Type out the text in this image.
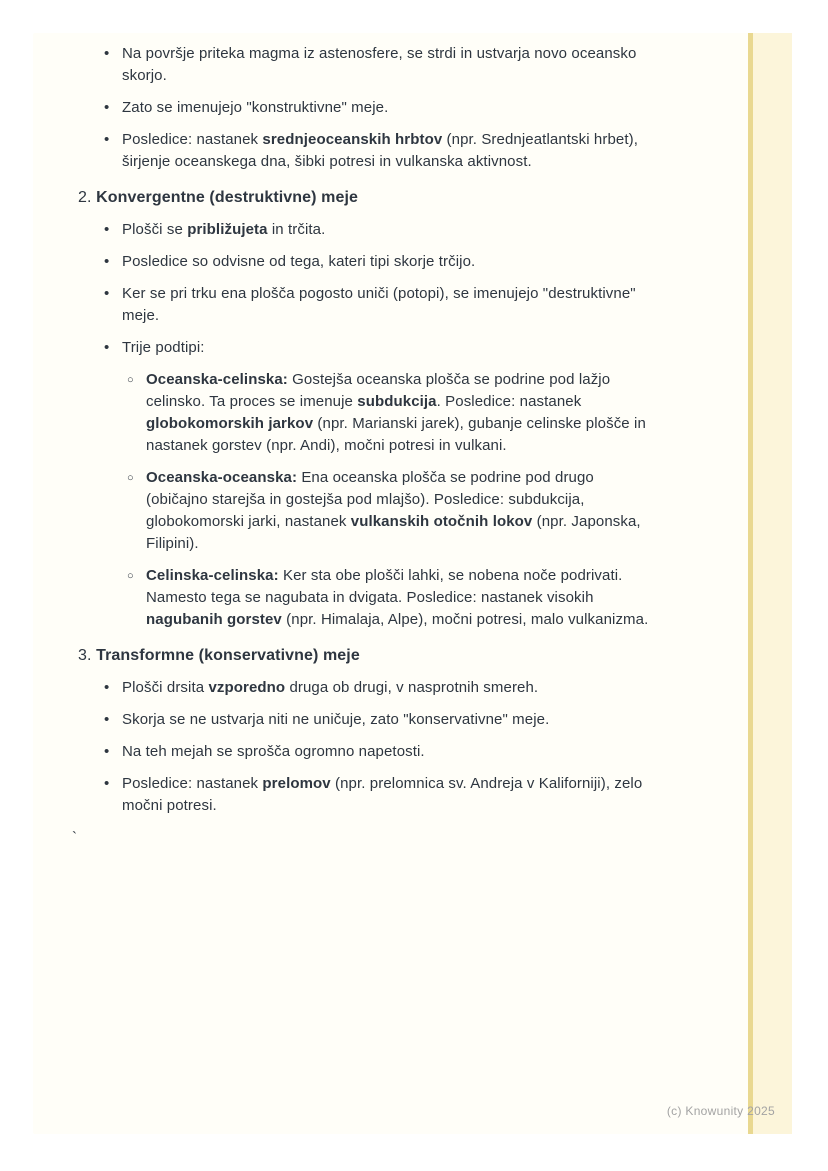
• Na površje priteka magma iz astenosfere, se strdi in ustvarja novo oceansko skorjo.
• Zato se imenujejo "konstruktivne" meje.
• Posledice: nastanek srednjeoceanskih hrbtov (npr. Srednjeatlantski hrbet), širjenje oceanskega dna, šibki potresi in vulkanska aktivnost.
2. Konvergentne (destruktivne) meje
• Plošči se približujeta in trčita.
• Posledice so odvisne od tega, kateri tipi skorje trčijo.
• Ker se pri trku ena plošča pogosto uniči (potopi), se imenujejo "destruktivne" meje.
• Trije podtipi:
○ Oceanska-celinska: Gostejša oceanska plošča se podrine pod lažjo celinsko. Ta proces se imenuje subdukcija. Posledice: nastanek globokomorskih jarkov (npr. Marianski jarek), gubanje celinske plošče in nastanek gorstev (npr. Andi), močni potresi in vulkani.
○ Oceanska-oceanska: Ena oceanska plošča se podrine pod drugo (običajno starejša in gostejša pod mlajšo). Posledice: subdukcija, globokomorski jarki, nastanek vulkanskih otočnih lokov (npr. Japonska, Filipini).
○ Celinska-celinska: Ker sta obe plošči lahki, se nobena noče podrivati. Namesto tega se nagubata in dvigata. Posledice: nastanek visokih nagubanih gorstev (npr. Himalaja, Alpe), močni potresi, malo vulkanizma.
3. Transformne (konservativne) meje
• Plošči drsita vzporedno druga ob drugi, v nasprotnih smereh.
• Skorja se ne ustvarja niti ne uničuje, zato "konservativne" meje.
• Na teh mejah se sprošča ogromno napetosti.
• Posledice: nastanek prelomov (npr. prelomnica sv. Andreja v Kaliforniji), zelo močni potresi.
`
(c) Knowunity 2025
